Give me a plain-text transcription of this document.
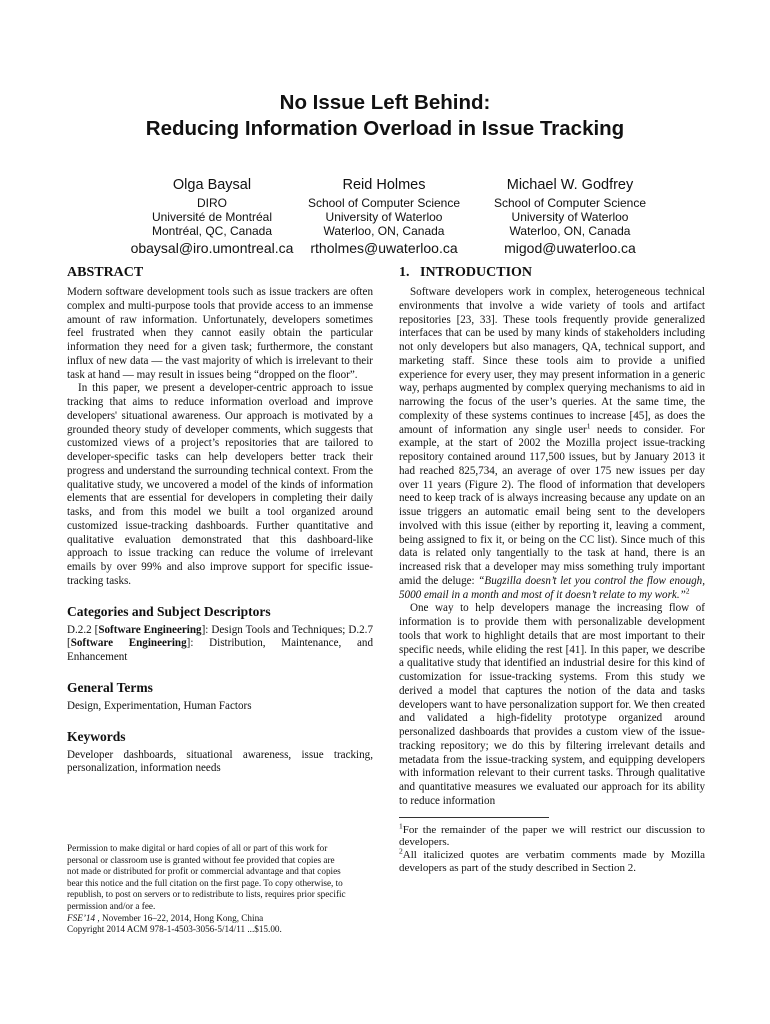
No Issue Left Behind:
Reducing Information Overload in Issue Tracking
Olga Baysal
DIRO
Université de Montréal
Montréal, QC, Canada
obaysal@iro.umontreal.ca
Reid Holmes
School of Computer Science
University of Waterloo
Waterloo, ON, Canada
rtholmes@uwaterloo.ca
Michael W. Godfrey
School of Computer Science
University of Waterloo
Waterloo, ON, Canada
migod@uwaterloo.ca
ABSTRACT

Modern software development tools such as issue trackers are often complex and multi-purpose tools that provide access to an immense amount of raw information. Unfortunately, developers sometimes feel frustrated when they cannot easily obtain the particular information they need for a given task; furthermore, the constant influx of new data — the vast majority of which is irrelevant to their task at hand — may result in issues being “dropped on the floor”.

In this paper, we present a developer-centric approach to issue tracking that aims to reduce information overload and improve developers' situational awareness. Our approach is motivated by a grounded theory study of developer comments, which suggests that customized views of a project’s repositories that are tailored to developer-specific tasks can help developers better track their progress and understand the surrounding technical context. From the qualitative study, we uncovered a model of the kinds of information elements that are essential for developers in completing their daily tasks, and from this model we built a tool organized around customized issue-tracking dashboards. Further quantitative and qualitative evaluation demonstrated that this dashboard-like approach to issue tracking can reduce the volume of irrelevant emails by over 99% and also improve support for specific issue-tracking tasks.

Categories and Subject Descriptors

D.2.2 [Software Engineering]: Design Tools and Techniques; D.2.7 [Software Engineering]: Distribution, Maintenance, and Enhancement

General Terms

Design, Experimentation, Human Factors

Keywords

Developer dashboards, situational awareness, issue tracking, personalization, information needs

Permission to make digital or hard copies of all or part of this work for
personal or classroom use is granted without fee provided that copies are
not made or distributed for profit or commercial advantage and that copies
bear this notice and the full citation on the first page. To copy otherwise, to
republish, to post on servers or to redistribute to lists, requires prior specific
permission and/or a fee.
FSE’14 , November 16–22, 2014, Hong Kong, China
Copyright 2014 ACM 978-1-4503-3056-5/14/11 ...$15.00.
1.   INTRODUCTION

Software developers work in complex, heterogeneous technical environments that involve a wide variety of tools and artifact repositories [23, 33]. These tools frequently provide generalized interfaces that can be used by many kinds of stakeholders including not only developers but also managers, QA, technical support, and marketing staff. Since these tools aim to provide a unified experience for every user, they may present information in a generic way, perhaps augmented by complex querying mechanisms to aid in narrowing the focus of the user’s queries. At the same time, the complexity of these systems continues to increase [45], as does the amount of information any single user$^1$ needs to consider. For example, at the start of 2002 the Mozilla project issue-tracking repository contained around 117,500 issues, but by January 2013 it had reached 825,734, an average of over 175 new issues per day over 11 years (Figure 2). The flood of information that developers need to keep track of is always increasing because any update on an issue triggers an automatic email being sent to the developers involved with this issue (either by reporting it, leaving a comment, being assigned to fix it, or being on the CC list). Since much of this data is related only tangentially to the task at hand, there is an increased risk that a developer may miss something truly important amid the deluge: “Bugzilla doesn’t let you control the flow enough, 5000 email in a month and most of it doesn’t relate to my work.”$^2$

One way to help developers manage the increasing flow of information is to provide them with personalizable development tools that work to highlight details that are most important to their specific needs, while eliding the rest [41]. In this paper, we describe a qualitative study that identified an industrial desire for this kind of customization for issue-tracking systems. From this study we derived a model that captures the notion of the data and tasks developers want to have personalization support for. We then created and validated a high-fidelity prototype organized around personalized dashboards that provides a custom view of the issue-tracking repository; we do this by filtering irrelevant details and metadata from the issue-tracking system, and equipping developers with information relevant to their current tasks. Through qualitative and quantitative measures we evaluated our approach for its ability to reduce information

$^1$For the remainder of the paper we will restrict our discussion to developers.
$^2$All italicized quotes are verbatim comments made by Mozilla developers as part of the study described in Section 2.
